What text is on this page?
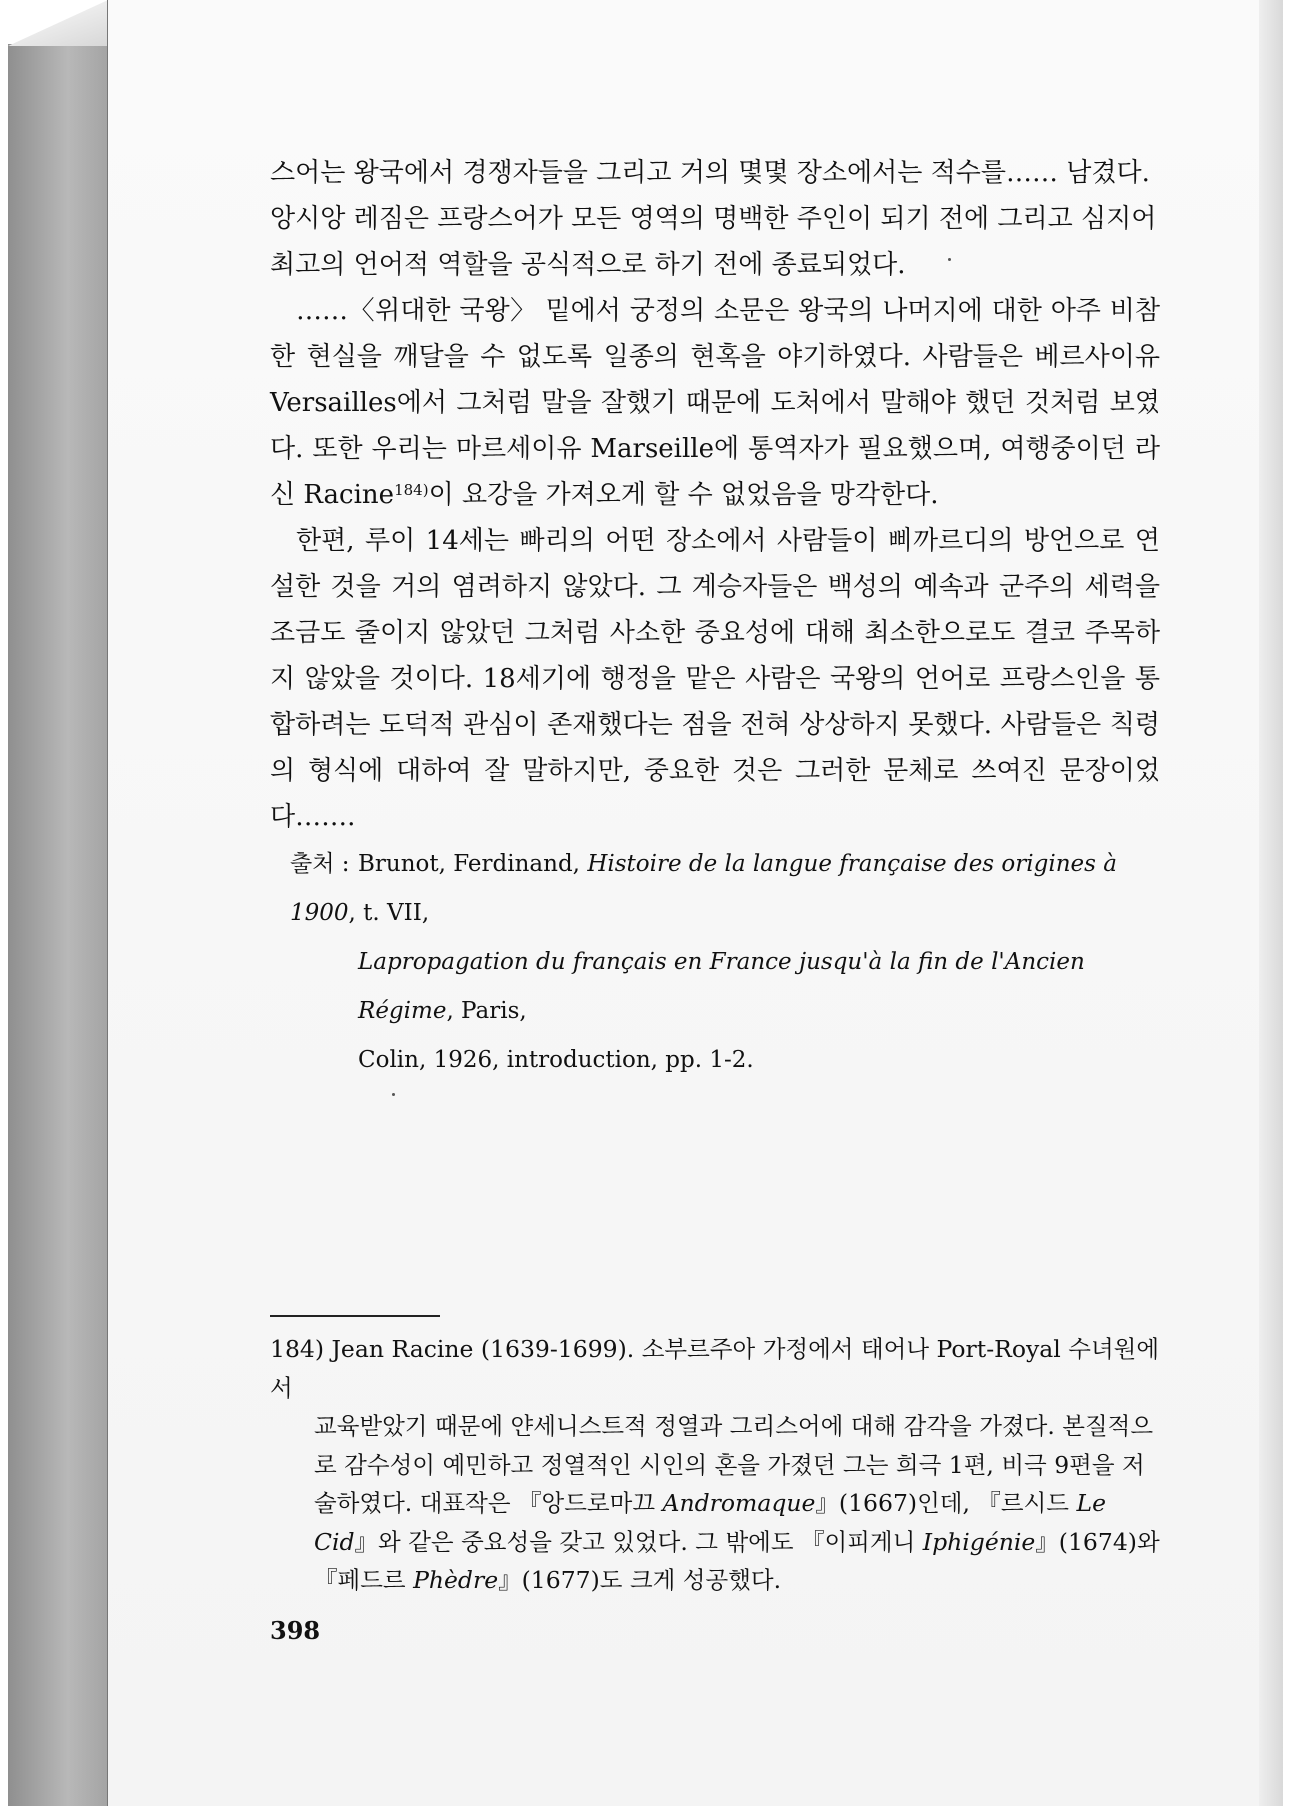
스어는 왕국에서 경쟁자들을 그리고 거의 몇몇 장소에서는 적수를…… 남겼다.
앙시앙 레짐은 프랑스어가 모든 영역의 명백한 주인이 되기 전에 그리고 심지어
최고의 언어적 역할을 공식적으로 하기 전에 종료되었다.

……〈위대한 국왕〉 밑에서 궁정의 소문은 왕국의 나머지에 대한 아주 비참한 현실을 깨달을 수 없도록 일종의 현혹을 야기하였다. 사람들은 베르사이유 Versailles에서 그처럼 말을 잘했기 때문에 도처에서 말해야 했던 것처럼 보였다. 또한 우리는 마르세이유 Marseille에 통역자가 필요했으며, 여행중이던 라신 Racine$^{184)}$이 요강을 가져오게 할 수 없었음을 망각한다.

한편, 루이 14세는 빠리의 어떤 장소에서 사람들이 삐까르디의 방언으로 연설한 것을 거의 염려하지 않았다. 그 계승자들은 백성의 예속과 군주의 세력을 조금도 줄이지 않았던 그처럼 사소한 중요성에 대해 최소한으로도 결코 주목하지 않았을 것이다. 18세기에 행정을 맡은 사람은 국왕의 언어로 프랑스인을 통합하려는 도덕적 관심이 존재했다는 점을 전혀 상상하지 못했다. 사람들은 칙령의 형식에 대하여 잘 말하지만, 중요한 것은 그러한 문체로 쓰여진 문장이었다…….

출처 : Brunot, Ferdinand, Histoire de la langue française des origines à 1900, t. VII,
Lapropagation du français en France jusqu'à la fin de l'Ancien Régime, Paris,
Colin, 1926, introduction, pp. 1-2.
184) Jean Racine (1639-1699). 소부르주아 가정에서 태어나 Port-Royal 수녀원에서
교육받았기 때문에 얀세니스트적 정열과 그리스어에 대해 감각을 가졌다. 본질적으로 감수성이 예민하고 정열적인 시인의 혼을 가졌던 그는 희극 1편, 비극 9편을 저술하였다. 대표작은 『앙드로마끄 Andromaque』(1667)인데, 『르시드 Le Cid』와 같은 중요성을 갖고 있었다. 그 밖에도 『이피게니 Iphigénie』(1674)와 『페드르 Phèdre』(1677)도 크게 성공했다.
398
